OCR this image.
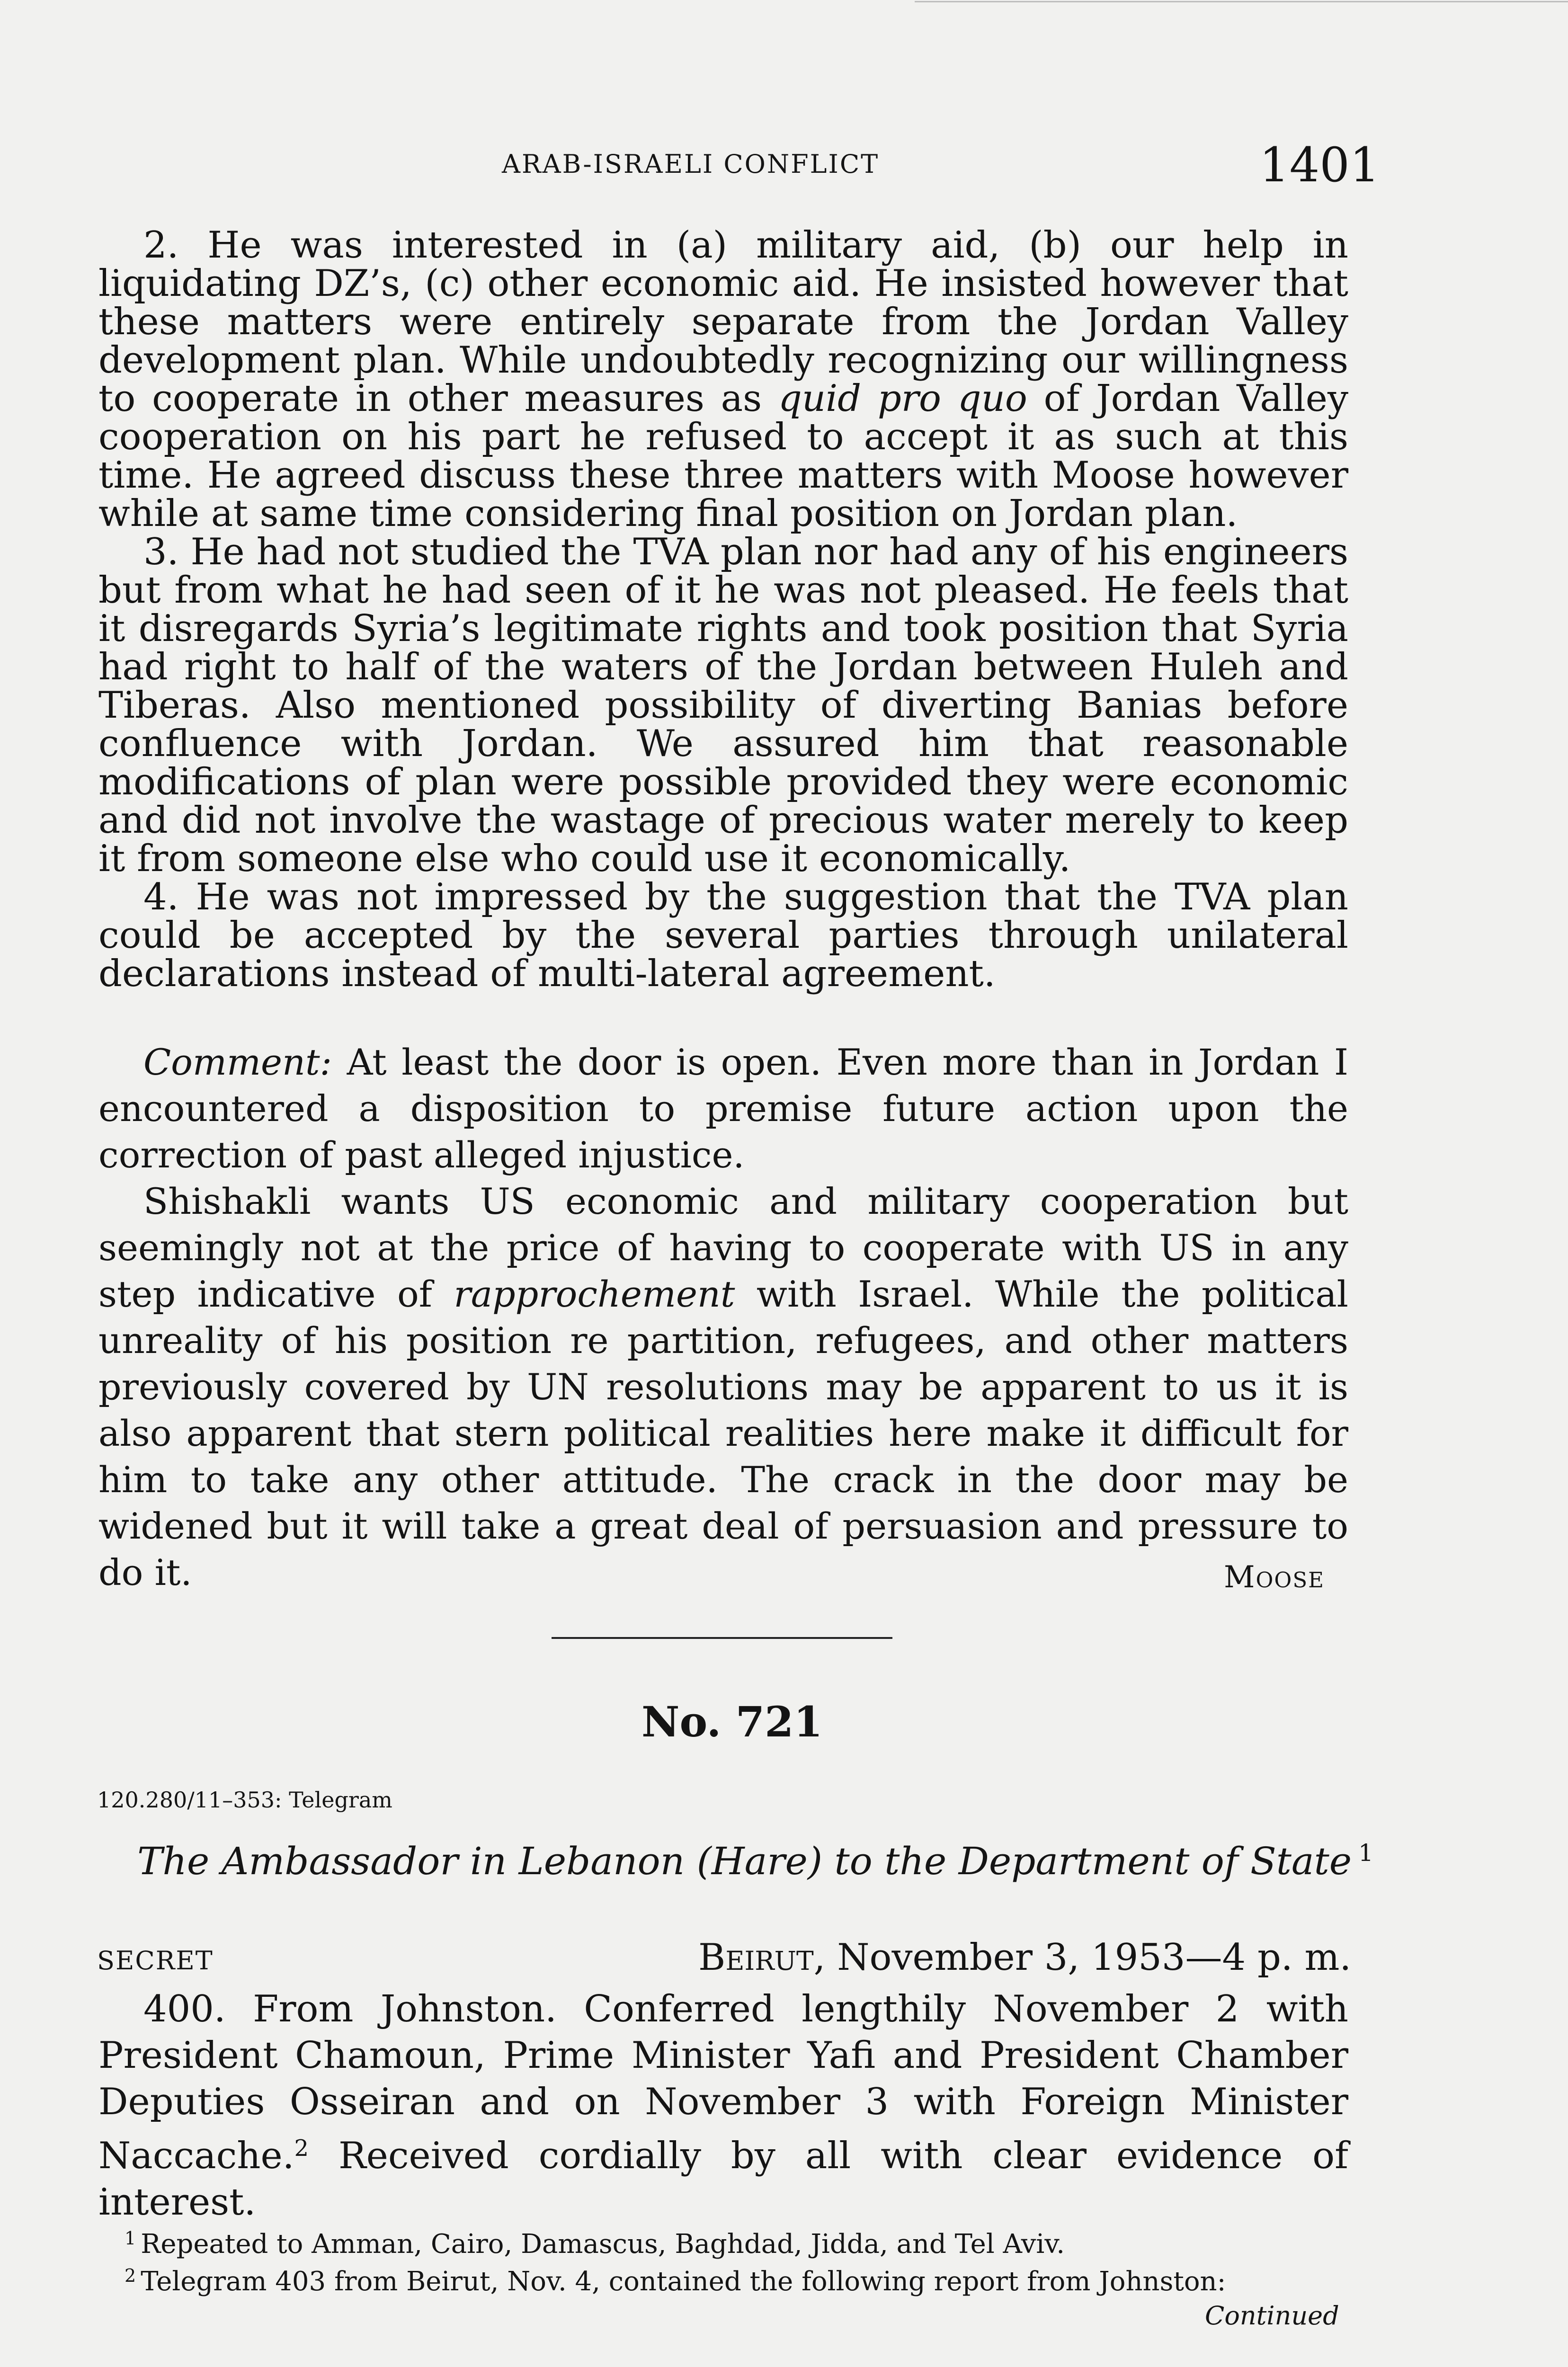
ARAB-ISRAELI CONFLICT	1401

2. He was interested in (a) military aid, (b) our help in liquidating DZ’s, (c) other economic aid. He insisted however that these matters were entirely separate from the Jordan Valley development plan. While undoubtedly recognizing our willingness to cooperate in other measures as quid pro quo of Jordan Valley cooperation on his part he refused to accept it as such at this time. He agreed discuss these three matters with Moose however while at same time considering final position on Jordan plan.

3. He had not studied the TVA plan nor had any of his engineers but from what he had seen of it he was not pleased. He feels that it disregards Syria’s legitimate rights and took position that Syria had right to half of the waters of the Jordan between Huleh and Tiberas. Also mentioned possibility of diverting Banias before confluence with Jordan. We assured him that reasonable modifications of plan were possible provided they were economic and did not involve the wastage of precious water merely to keep it from someone else who could use it economically.

4. He was not impressed by the suggestion that the TVA plan could be accepted by the several parties through unilateral declarations instead of multi-lateral agreement.

Comment: At least the door is open. Even more than in Jordan I encountered a disposition to premise future action upon the correction of past alleged injustice.

Shishakli wants US economic and military cooperation but seemingly not at the price of having to cooperate with US in any step indicative of rapprochement with Israel. While the political unreality of his position re partition, refugees, and other matters previously covered by UN resolutions may be apparent to us it is also apparent that stern political realities here make it difficult for him to take any other attitude. The crack in the door may be widened but it will take a great deal of persuasion and pressure to do it.	Moose
No. 721
120.280/11–353: Telegram
The Ambassador in Lebanon (Hare) to the Department of State $^1$
SECRET	Beirut, November 3, 1953—4 p. m.

400. From Johnston. Conferred lengthily November 2 with President Chamoun, Prime Minister Yafi and President Chamber Deputies Osseiran and on November 3 with Foreign Minister Naccache.$^2$ Received cordially by all with clear evidence of interest.

$^1$ Repeated to Amman, Cairo, Damascus, Baghdad, Jidda, and Tel Aviv.

$^2$ Telegram 403 from Beirut, Nov. 4, contained the following report from Johnston:

Continued
